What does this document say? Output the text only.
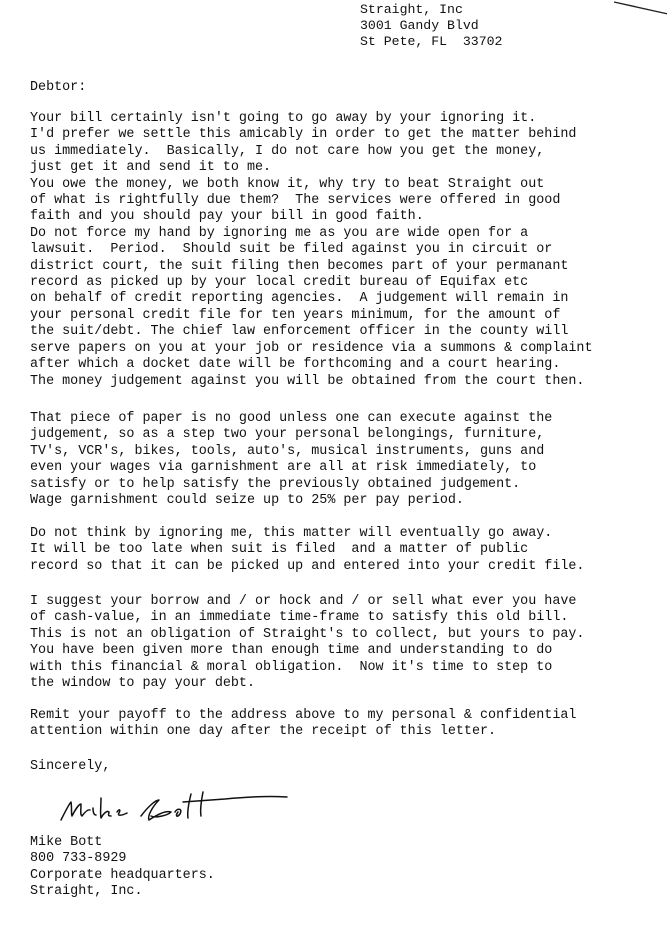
Straight, Inc
3001 Gandy Blvd
St Pete, FL  33702
Debtor:
Your bill certainly isn't going to go away by your ignoring it.
I'd prefer we settle this amicably in order to get the matter behind
us immediately.  Basically, I do not care how you get the money,
just get it and send it to me.
You owe the money, we both know it, why try to beat Straight out
of what is rightfully due them?  The services were offered in good
faith and you should pay your bill in good faith.
Do not force my hand by ignoring me as you are wide open for a
lawsuit.  Period.  Should suit be filed against you in circuit or
district court, the suit filing then becomes part of your permanant
record as picked up by your local credit bureau of Equifax etc
on behalf of credit reporting agencies.  A judgement will remain in
your personal credit file for ten years minimum, for the amount of
the suit/debt. The chief law enforcement officer in the county will
serve papers on you at your job or residence via a summons & complaint
after which a docket date will be forthcoming and a court hearing.
The money judgement against you will be obtained from the court then.
That piece of paper is no good unless one can execute against the
judgement, so as a step two your personal belongings, furniture,
TV's, VCR's, bikes, tools, auto's, musical instruments, guns and
even your wages via garnishment are all at risk immediately, to
satisfy or to help satisfy the previously obtained judgement.
Wage garnishment could seize up to 25% per pay period.
Do not think by ignoring me, this matter will eventually go away.
It will be too late when suit is filed  and a matter of public
record so that it can be picked up and entered into your credit file.
I suggest your borrow and / or hock and / or sell what ever you have
of cash-value, in an immediate time-frame to satisfy this old bill.
This is not an obligation of Straight's to collect, but yours to pay.
You have been given more than enough time and understanding to do
with this financial & moral obligation.  Now it's time to step to
the window to pay your debt.
Remit your payoff to the address above to my personal & confidential
attention within one day after the receipt of this letter.
Sincerely,
Mike Bott
800 733-8929
Corporate headquarters.
Straight, Inc.
